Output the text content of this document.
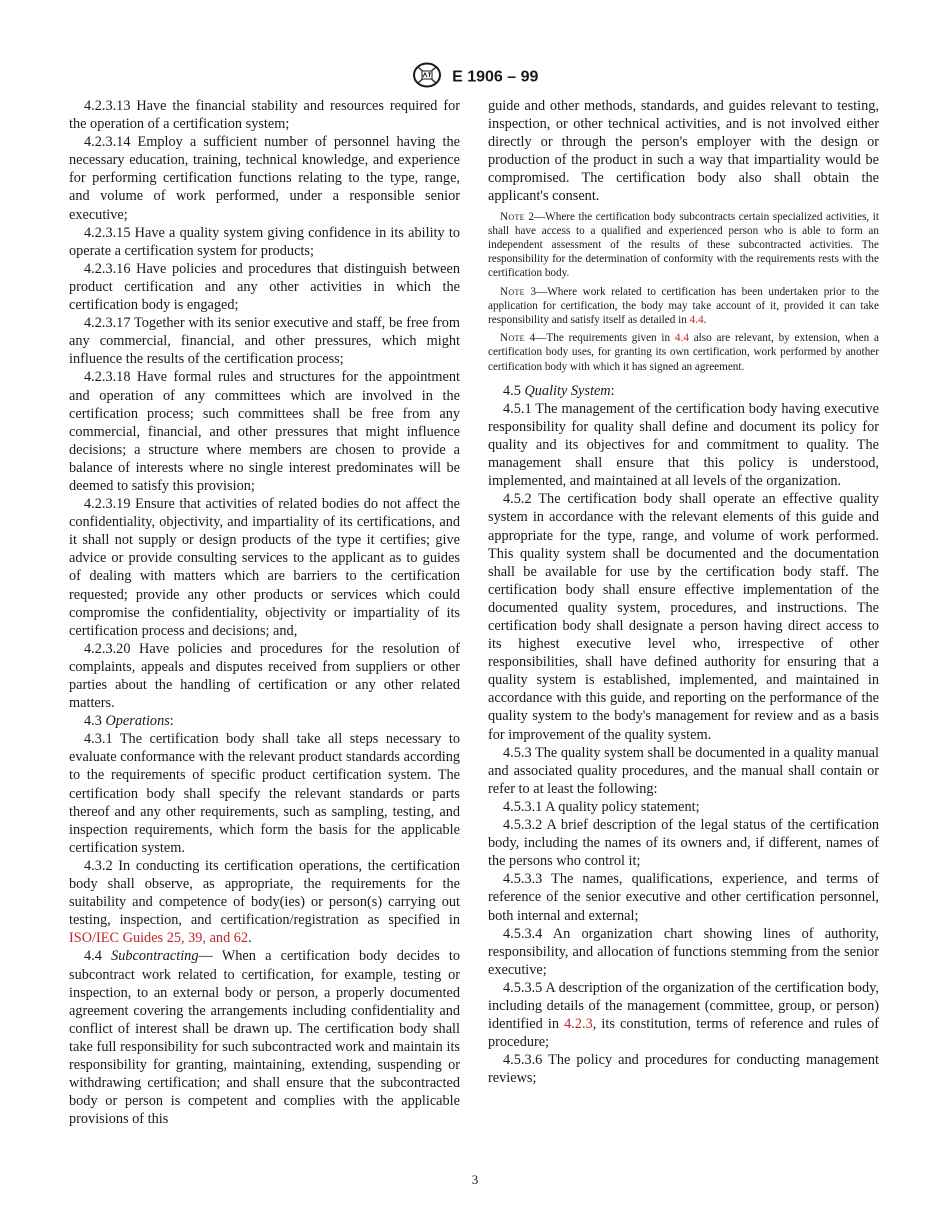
E 1906 – 99

4.2.3.13 Have the financial stability and resources required for the operation of a certification system;

4.2.3.14 Employ a sufficient number of personnel having the necessary education, training, technical knowledge, and experience for performing certification functions relating to the type, range, and volume of work performed, under a responsible senior executive;

4.2.3.15 Have a quality system giving confidence in its ability to operate a certification system for products;

4.2.3.16 Have policies and procedures that distinguish between product certification and any other activities in which the certification body is engaged;

4.2.3.17 Together with its senior executive and staff, be free from any commercial, financial, and other pressures, which might influence the results of the certification process;

4.2.3.18 Have formal rules and structures for the appointment and operation of any committees which are involved in the certification process; such committees shall be free from any commercial, financial, and other pressures that might influence decisions; a structure where members are chosen to provide a balance of interests where no single interest predominates will be deemed to satisfy this provision;

4.2.3.19 Ensure that activities of related bodies do not affect the confidentiality, objectivity, and impartiality of its certifications, and it shall not supply or design products of the type it certifies; give advice or provide consulting services to the applicant as to guides of dealing with matters which are barriers to the certification requested; provide any other products or services which could compromise the confidentiality, objectivity or impartiality of its certification process and decisions; and,

4.2.3.20 Have policies and procedures for the resolution of complaints, appeals and disputes received from suppliers or other parties about the handling of certification or any other related matters.

4.3 Operations:

4.3.1 The certification body shall take all steps necessary to evaluate conformance with the relevant product standards according to the requirements of specific product certification system. The certification body shall specify the relevant standards or parts thereof and any other requirements, such as sampling, testing, and inspection requirements, which form the basis for the applicable certification system.

4.3.2 In conducting its certification operations, the certification body shall observe, as appropriate, the requirements for the suitability and competence of body(ies) or person(s) carrying out testing, inspection, and certification/registration as specified in ISO/IEC Guides 25, 39, and 62.

4.4 Subcontracting— When a certification body decides to subcontract work related to certification, for example, testing or inspection, to an external body or person, a properly documented agreement covering the arrangements including confidentiality and conflict of interest shall be drawn up. The certification body shall take full responsibility for such subcontracted work and maintain its responsibility for granting, maintaining, extending, suspending or withdrawing certification; and shall ensure that the subcontracted body or person is competent and complies with the applicable provisions of this

guide and other methods, standards, and guides relevant to testing, inspection, or other technical activities, and is not involved either directly or through the person's employer with the design or production of the product in such a way that impartiality would be compromised. The certification body also shall obtain the applicant's consent.

Note 2—Where the certification body subcontracts certain specialized activities, it shall have access to a qualified and experienced person who is able to form an independent assessment of the results of these subcontracted activities. The responsibility for the determination of conformity with the requirements rests with the certification body.

Note 3—Where work related to certification has been undertaken prior to the application for certification, the body may take account of it, provided it can take responsibility and satisfy itself as detailed in 4.4.

Note 4—The requirements given in 4.4 also are relevant, by extension, when a certification body uses, for granting its own certification, work performed by another certification body with which it has signed an agreement.

4.5 Quality System:

4.5.1 The management of the certification body having executive responsibility for quality shall define and document its policy for quality and its objectives for and commitment to quality. The management shall ensure that this policy is understood, implemented, and maintained at all levels of the organization.

4.5.2 The certification body shall operate an effective quality system in accordance with the relevant elements of this guide and appropriate for the type, range, and volume of work performed. This quality system shall be documented and the documentation shall be available for use by the certification body staff. The certification body shall ensure effective implementation of the documented quality system, procedures, and instructions. The certification body shall designate a person having direct access to its highest executive level who, irrespective of other responsibilities, shall have defined authority for ensuring that a quality system is established, implemented, and maintained in accordance with this guide, and reporting on the performance of the quality system to the body's management for review and as a basis for improvement of the quality system.

4.5.3 The quality system shall be documented in a quality manual and associated quality procedures, and the manual shall contain or refer to at least the following:

4.5.3.1 A quality policy statement;

4.5.3.2 A brief description of the legal status of the certification body, including the names of its owners and, if different, names of the persons who control it;

4.5.3.3 The names, qualifications, experience, and terms of reference of the senior executive and other certification personnel, both internal and external;

4.5.3.4 An organization chart showing lines of authority, responsibility, and allocation of functions stemming from the senior executive;

4.5.3.5 A description of the organization of the certification body, including details of the management (committee, group, or person) identified in 4.2.3, its constitution, terms of reference and rules of procedure;

4.5.3.6 The policy and procedures for conducting management reviews;

3
